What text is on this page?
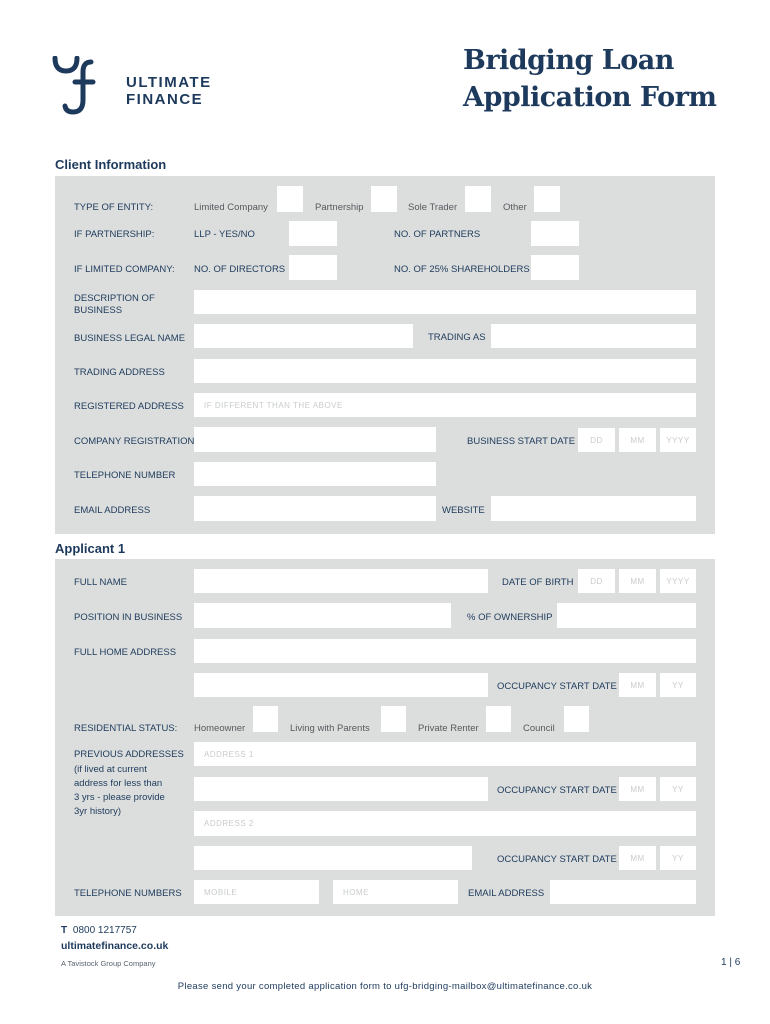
ULTIMATE
FINANCE
Bridging Loan
Application Form
Client Information
TYPE OF ENTITY:	Limited Company	Partnership	Sole Trader	Other
IF PARTNERSHIP:	LLP - YES/NO	NO. OF PARTNERS
IF LIMITED COMPANY: NO. OF DIRECTORS	NO. OF 25% SHAREHOLDERS
DESCRIPTION OF
BUSINESS
BUSINESS LEGAL NAME	TRADING AS
TRADING ADDRESS
REGISTERED ADDRESS	IF DIFFERENT THAN THE ABOVE
COMPANY REGISTRATION	BUSINESS START DATE DD	MM	YYYY
TELEPHONE NUMBER
EMAIL ADDRESS	WEBSITE
Applicant 1
FULL NAME	DATE OF BIRTH DD	MM	YYYY
POSITION IN BUSINESS	% OF OWNERSHIP
FULL HOME ADDRESS
OCCUPANCY START DATE MM	YY
RESIDENTIAL STATUS: Homeowner	Living with Parents	Private Renter	Council
PREVIOUS ADDRESSES
(if lived at current
address for less than
3 yrs - please provide
3yr history)
ADDRESS 1
OCCUPANCY START DATE MM	YY
ADDRESS 2
OCCUPANCY START DATE MM	YY
TELEPHONE NUMBERS	MOBILE	HOME	EMAIL ADDRESS
T 0800 1217757
ultimatefinance.co.uk
A Tavistock Group Company	1 | 6
Please send your completed application form to ufg-bridging-mailbox@ultimatefinance.co.uk
